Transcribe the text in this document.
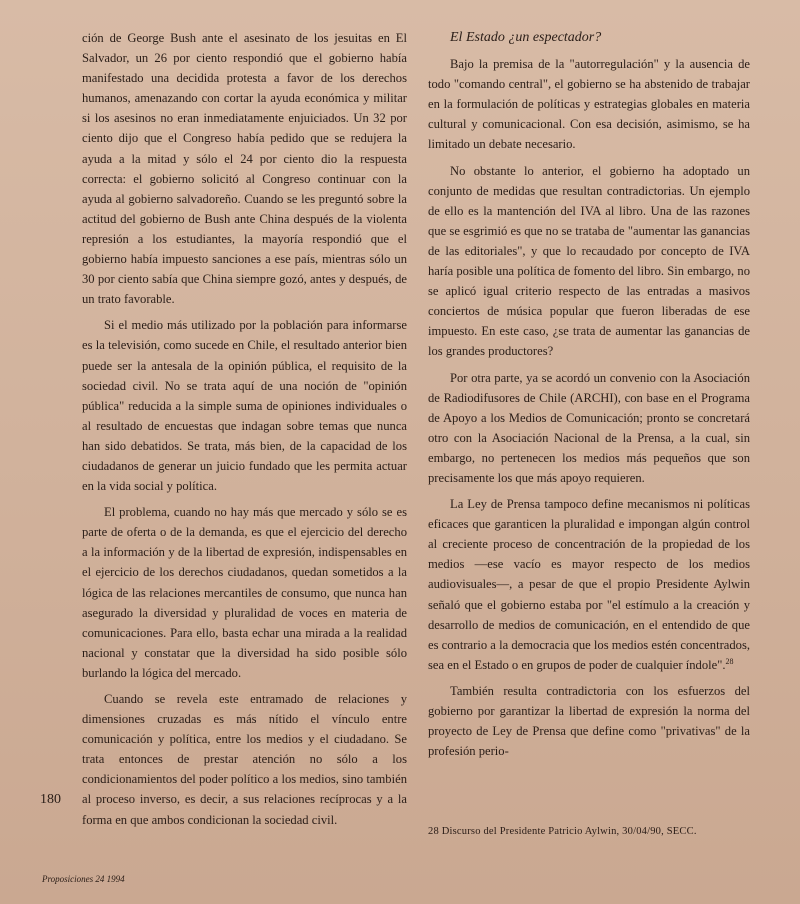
ción de George Bush ante el asesinato de los jesuitas en El Salvador, un 26 por ciento respondió que el gobierno había manifestado una decidida protesta a favor de los derechos humanos, amenazando con cortar la ayuda económica y militar si los asesinos no eran inmediatamente enjuiciados. Un 32 por ciento dijo que el Congreso había pedido que se redujera la ayuda a la mitad y sólo el 24 por ciento dio la respuesta correcta: el gobierno solicitó al Congreso continuar con la ayuda al gobierno salvadoreño. Cuando se les preguntó sobre la actitud del gobierno de Bush ante China después de la violenta represión a los estudiantes, la mayoría respondió que el gobierno había impuesto sanciones a ese país, mientras sólo un 30 por ciento sabía que China siempre gozó, antes y después, de un trato favorable.

Si el medio más utilizado por la población para informarse es la televisión, como sucede en Chile, el resultado anterior bien puede ser la antesala de la opinión pública, el requisito de la sociedad civil. No se trata aquí de una noción de "opinión pública" reducida a la simple suma de opiniones individuales o al resultado de encuestas que indagan sobre temas que nunca han sido debatidos. Se trata, más bien, de la capacidad de los ciudadanos de generar un juicio fundado que les permita actuar en la vida social y política.

El problema, cuando no hay más que mercado y sólo se es parte de oferta o de la demanda, es que el ejercicio del derecho a la información y de la libertad de expresión, indispensables en el ejercicio de los derechos ciudadanos, quedan sometidos a la lógica de las relaciones mercantiles de consumo, que nunca han asegurado la diversidad y pluralidad de voces en materia de comunicaciones. Para ello, basta echar una mirada a la realidad nacional y constatar que la diversidad ha sido posible sólo burlando la lógica del mercado.

Cuando se revela este entramado de relaciones y dimensiones cruzadas es más nítido el vínculo entre comunicación y política, entre los medios y el ciudadano. Se trata entonces de prestar atención no sólo a los condicionamientos del poder político a los medios, sino también al proceso inverso, es decir, a sus relaciones recíprocas y a la forma en que ambos condicionan la sociedad civil.

El Estado ¿un espectador?

Bajo la premisa de la "autorregulación" y la ausencia de todo "comando central", el gobierno se ha abstenido de trabajar en la formulación de políticas y estrategias globales en materia cultural y comunicacional. Con esa decisión, asimismo, se ha limitado un debate necesario.

No obstante lo anterior, el gobierno ha adoptado un conjunto de medidas que resultan contradictorias. Un ejemplo de ello es la mantención del IVA al libro. Una de las razones que se esgrimió es que no se trataba de "aumentar las ganancias de las editoriales", y que lo recaudado por concepto de IVA haría posible una política de fomento del libro. Sin embargo, no se aplicó igual criterio respecto de las entradas a masivos conciertos de música popular que fueron liberadas de ese impuesto. En este caso, ¿se trata de aumentar las ganancias de los grandes productores?

Por otra parte, ya se acordó un convenio con la Asociación de Radiodifusores de Chile (ARCHI), con base en el Programa de Apoyo a los Medios de Comunicación; pronto se concretará otro con la Asociación Nacional de la Prensa, a la cual, sin embargo, no pertenecen los medios más pequeños que son precisamente los que más apoyo requieren.

La Ley de Prensa tampoco define mecanismos ni políticas eficaces que garanticen la pluralidad e impongan algún control al creciente proceso de concentración de la propiedad de los medios —ese vacío es mayor respecto de los medios audiovisuales—, a pesar de que el propio Presidente Aylwin señaló que el gobierno estaba por "el estímulo a la creación y desarrollo de medios de comunicación, en el entendido de que es contrario a la democracia que los medios estén concentrados, sea en el Estado o en grupos de poder de cualquier índole".$^{28}$

También resulta contradictoria con los esfuerzos del gobierno por garantizar la libertad de expresión la norma del proyecto de Ley de Prensa que define como "privativas" de la profesión perio-

28 Discurso del Presidente Patricio Aylwin, 30/04/90, SECC.
180
Proposiciones 24 1994
